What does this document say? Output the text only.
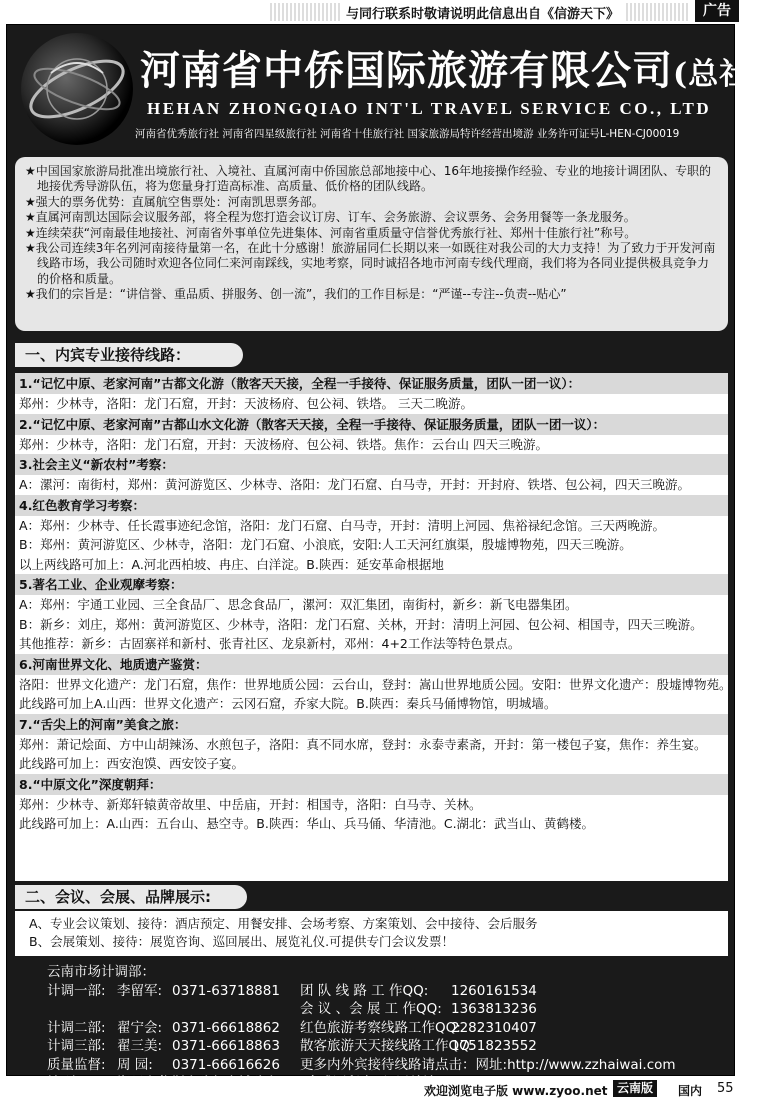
与同行联系时敬请说明此信息出自《信游天下》	广告
河南省中侨国际旅游有限公司(总社)
HEHAN ZHONGQIAO INT'L TRAVEL SERVICE CO., LTD
河南省优秀旅行社 河南省四星级旅行社 河南省十佳旅行社 国家旅游局特许经营出境游 业务许可证号L-HEN-CJ00019

★中国国家旅游局批准出境旅行社、入境社、直属河南中侨国旅总部地接中心、16年地接操作经验、专业的地接计调团队、专职的地接优秀导游队伍，将为您量身打造高标准、高质量、低价格的团队线路。

★强大的票务优势：直属航空售票处：河南凯思票务部。

★直属河南凯达国际会议服务部，将全程为您打造会议订房、订车、会务旅游、会议票务、会务用餐等一条龙服务。

★连续荣获“河南最佳地接社、河南省外事单位先进集体、河南省重质量守信誉优秀旅行社、郑州十佳旅行社”称号。

★我公司连续3年名列河南接待量第一名，在此十分感谢！旅游届同仁长期以来一如既往对我公司的大力支持！为了致力于开发河南线路市场，我公司随时欢迎各位同仁来河南踩线，实地考察，同时诚招各地市河南专线代理商，我们将为各同业提供极具竞争力的价格和质量。

★我们的宗旨是：“讲信誉、重品质、拼服务、创一流”，我们的工作目标是：“严谨--专注--负责--贴心”

一、内宾专业接待线路：
1.“记忆中原、老家河南”古都文化游（散客天天接，全程一手接待、保证服务质量，团队一团一议）：
郑州：少林寺，洛阳：龙门石窟，开封：天波杨府、包公祠、铁塔。 三天二晚游。
2.“记忆中原、老家河南”古都山水文化游（散客天天接，全程一手接待、保证服务质量，团队一团一议）：
郑州：少林寺，洛阳：龙门石窟，开封：天波杨府、包公祠、铁塔。焦作：云台山 四天三晚游。
3.社会主义“新农村”考察：
A：漯河：南街村，郑州：黄河游览区、少林寺、洛阳：龙门石窟、白马寺，开封：开封府、铁塔、包公祠，四天三晚游。
4.红色教育学习考察：
A：郑州：少林寺、任长霞事迹纪念馆，洛阳：龙门石窟、白马寺，开封：清明上河园、焦裕禄纪念馆。三天两晚游。
B：郑州：黄河游览区、少林寺，洛阳：龙门石窟、小浪底，安阳:人工天河红旗渠，殷墟博物苑，四天三晚游。
以上两线路可加上：A.河北西柏坡、冉庄、白洋淀。B.陕西：延安革命根据地
5.著名工业、企业观摩考察：
A：郑州：宇通工业园、三全食品厂、思念食品厂，漯河：双汇集团，南街村，新乡：新飞电器集团。
B：新乡：刘庄，郑州：黄河游览区、少林寺，洛阳：龙门石窟、关林，开封：清明上河园、包公祠、相国寺，四天三晚游。
其他推荐：新乡：古固寨祥和新村、张青社区、龙泉新村，邓州：4+2工作法等特色景点。
6.河南世界文化、地质遗产鉴赏：
洛阳：世界文化遗产：龙门石窟，焦作：世界地质公园：云台山，登封：嵩山世界地质公园。安阳：世界文化遗产：殷墟博物苑。
此线路可加上A.山西：世界文化遗产：云冈石窟，乔家大院。B.陕西：秦兵马俑博物馆，明城墙。
7.“舌尖上的河南”美食之旅：
郑州：萧记烩面、方中山胡辣汤、水煎包子，洛阳：真不同水席，登封：永泰寺素斋，开封：第一楼包子宴，焦作：养生宴。
此线路可加上：西安泡馍、西安饺子宴。
8.“中原文化”深度朝拜：
郑州：少林寺、新郑轩辕黄帝故里、中岳庙，开封：相国寺，洛阳：白马寺、关林。
此线路可加上：A.山西：五台山、悬空寺。B.陕西：华山、兵马俑、华清池。C.湖北：武当山、黄鹤楼。
二、会议、会展、品牌展示:
A、专业会议策划、接待：酒店预定、用餐安排、会场考察、方案策划、会中接待、会后服务
B、会展策划、接待：展览咨询、巡回展出、展览礼仪.可提供专门会议发票！
云南市场计调部：
计调一部: 李留军: 0371-63718881 团 队 线 路 工 作QQ: 1260161534
会 议 、会 展 工 作QQ: 1363813236
计调二部: 翟宁会: 0371-66618862 红色旅游考察线路工作QQ:2282310407
计调三部: 翟三美: 0371-66618863 散客旅游天天接线路工作QQ:1751823552
质量监督: 周 园: 0371-66616626 更多内外宾接待线路请点击：网址:http://www.zzhaiwai.com
地 址:	郑州市紫荆山路与商城路交叉口金成国贸大厦4层总社
欢迎浏览电子版 www.zyoo.net 云南版	国内 55
